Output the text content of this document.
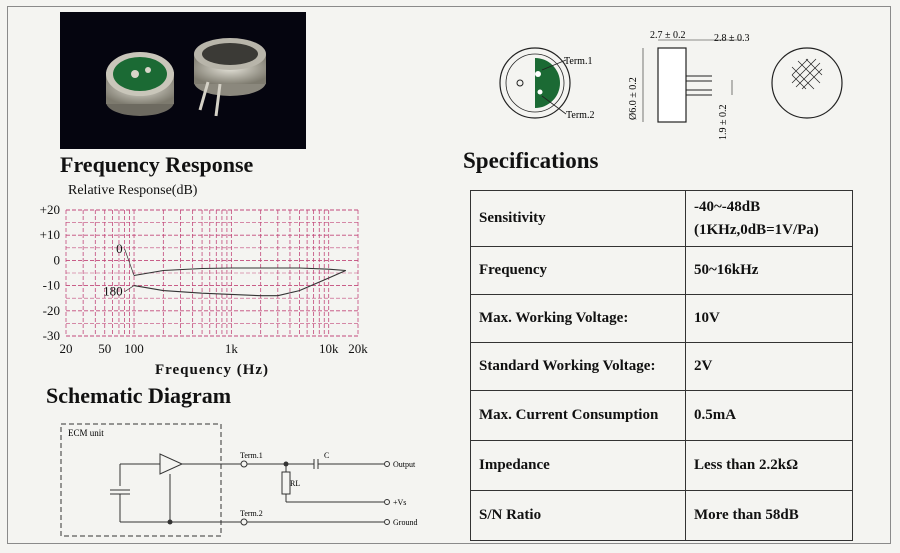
Term.1
Term.2
2.7 ± 0.2	2.8 ± 0.3
Ø6.0 ± 0.2
1.9 ± 0.2
Frequency Response
Relative Response(dB)
+20
+10
0
-10
-20
-30
20 50 100	1k	10k 20k
Frequency (Hz)
0
180
Schematic Diagram
ECM unit
Term.1
Term.2
RL
C
Output
+Vs
Ground
Specifications
Sensitivity	-40~-48dB
(1KHz,0dB=1V/Pa)

Frequency	50~16kHz
Max. Working Voltage:	10V
Standard Working Voltage:	2V
Max. Current Consumption	0.5mA
Impedance	Less than 2.2kΩ
S/N Ratio	More than 58dB
